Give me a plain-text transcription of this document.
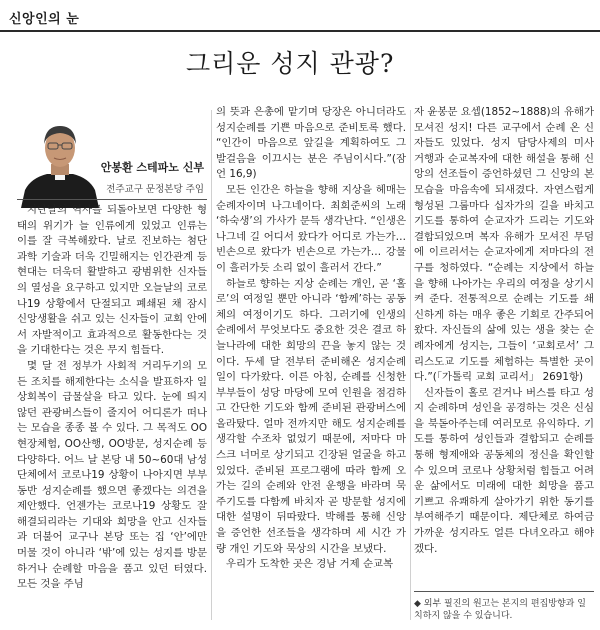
신앙인의 눈
그리운 성지 관광?
안봉환 스테파노 신부
전주교구 문정본당 주임

지난날의 역사를 되돌아보면 다양한 형태의 위기가 늘 인류에게 있었고 인류는 이를 잘 극복해왔다. 날로 진보하는 첨단 과학 기술과 더욱 긴밀해지는 인간관계 등 현대는 더욱더 활발하고 광범위한 신자들의 열성을 요구하고 있지만 오늘날의 코로나19 상황에서 단절되고 폐쇄된 채 잠시 신앙생활을 쉬고 있는 신자들이 교회 안에서 자발적이고 효과적으로 활동한다는 것을 기대한다는 것은 무지 힘들다.

몇 달 전 정부가 사회적 거리두기의 모든 조치를 해제한다는 소식을 발표하자 일상회복이 급물살을 타고 있다. 눈에 띄지 않던 관광버스들이 줄지어 어디론가 떠나는 모습을 종종 볼 수 있다. 그 목적도 OO현장체험, OO산행, OO방문, 성지순례 등 다양하다. 어느 날 본당 내 50~60대 남성 단체에서 코로나19 상황이 나아지면 부부동반 성지순례를 했으면 좋겠다는 의견을 제안했다. 언젠가는 코로나19 상황도 잘 해결되리라는 기대와 희망을 안고 신자들과 더불어 교구나 본당 또는 집 ‘안’에만 머물 것이 아니라 ‘밖’에 있는 성지를 방문하거나 순례할 마음을 품고 있던 터였다. 모든 것을 주님

의 뜻과 은총에 맡기며 당장은 아니더라도 성지순례를 기쁜 마음으로 준비토록 했다. “인간이 마음으로 앞길을 계획하여도 그 발걸음을 이끄시는 분은 주님이시다.”(잠언 16,9)

모든 인간은 하늘을 향해 지상을 헤매는 순례자이며 나그네이다. 최희준씨의 노래 ‘하숙생’의 가사가 문득 생각난다. “인생은 나그네 길 어디서 왔다가 어디로 가는가… 빈손으로 왔다가 빈손으로 가는가… 강물이 흘러가듯 소리 없이 흘러서 간다.”

하늘로 향하는 지상 순례는 개인, 곧 ‘홀로’의 여정일 뿐만 아니라 ‘함께’하는 공동체의 여정이기도 하다. 그러기에 인생의 순례에서 무엇보다도 중요한 것은 결코 하늘나라에 대한 희망의 끈을 놓지 않는 것이다. 두세 달 전부터 준비해온 성지순례일이 다가왔다. 이른 아침, 순례를 신청한 부부들이 성당 마당에 모여 인원을 점검하고 간단한 기도와 함께 준비된 관광버스에 올라탔다. 얼마 전까지만 해도 성지순례를 생각할 수조차 없었기 때문에, 저마다 마스크 너머로 상기되고 긴장된 얼굴을 하고 있었다. 준비된 프로그램에 따라 함께 오가는 길의 순례와 안전 운행을 바라며 묵주기도를 다함께 바치자 곧 방문할 성지에 대한 설명이 뒤따랐다. 박해를 통해 신앙을 증언한 선조들을 생각하며 세 시간 가량 개인 기도와 묵상의 시간을 보냈다.

우리가 도착한 곳은 경남 거제 순교복

자 윤봉문 요셉(1852~1888)의 유해가 모셔진 성지! 다른 교구에서 순례 온 신자들도 있었다. 성지 담당사제의 미사 거행과 순교복자에 대한 해설을 통해 신앙의 선조들이 증언하셨던 그 신앙의 본모습을 마음속에 되새겼다. 자연스럽게 형성된 그룹마다 십자가의 길을 바치고 기도를 통하여 순교자가 드리는 기도와 결합되었으며 복자 유해가 모셔진 무덤에 이르러서는 순교자에게 저마다의 전구를 청하였다. “순례는 지상에서 하늘을 향해 나아가는 우리의 여정을 상기시켜 준다. 전통적으로 순례는 기도를 쇄신하게 하는 매우 좋은 기회로 간주되어 왔다. 자신들의 삶에 있는 생을 찾는 순례자에게 성지는, 그들이 ‘교회로서’ 그리스도교 기도를 체험하는 특별한 곳이다.”(「가톨릭 교회 교리서」 2691항)

신자들이 홀로 걷거나 버스를 타고 성지 순례하며 성인을 공경하는 것은 신심을 북돋아주는데 여러모로 유익하다. 기도를 통하여 성인들과 결합되고 순례를 통해 형제애와 공동체의 정신을 확인할 수 있으며 코로나 상황처럼 힘들고 어려운 삶에서도 미래에 대한 희망을 품고 기쁘고 유쾌하게 살아가기 위한 동기를 부여해주기 때문이다. 제단체로 하여금 가까운 성지라도 얼른 다녀오라고 해야겠다.

◆ 외부 필진의 원고는 본지의 편집방향과 일치하지 않을 수 있습니다.
